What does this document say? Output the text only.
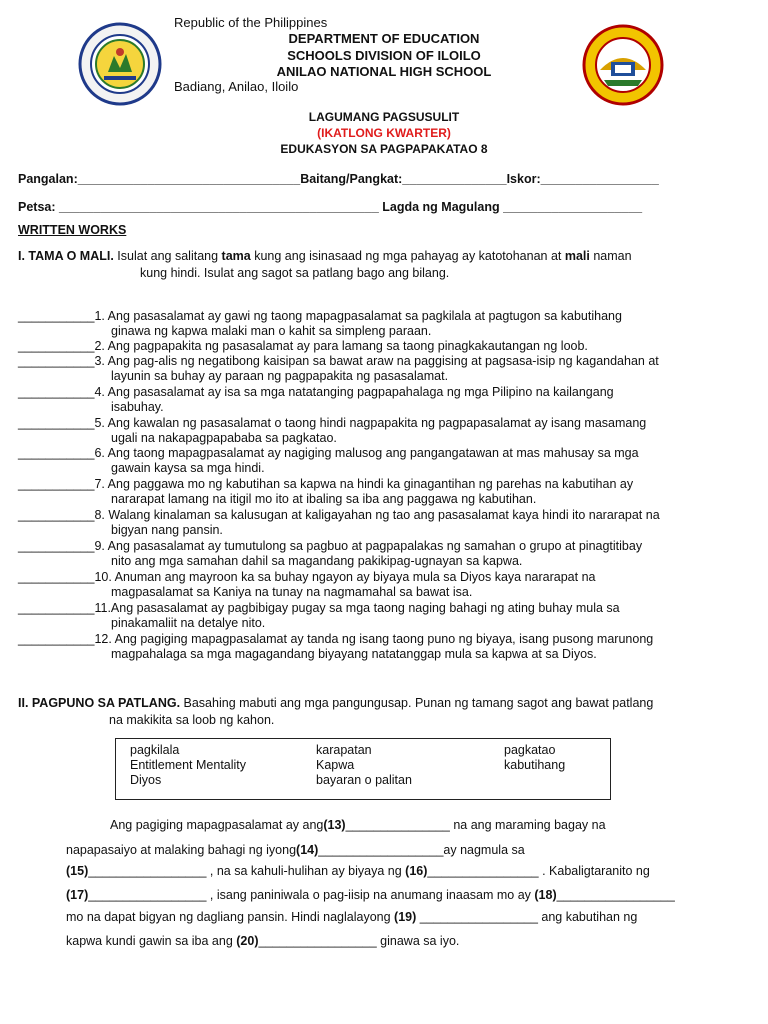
Republic of the Philippines
DEPARTMENT OF EDUCATION
SCHOOLS DIVISION OF ILOILO
ANILAO NATIONAL HIGH SCHOOL
Badiang, Anilao, Iloilo
LAGUMANG PAGSUSULIT
(IKATLONG KWARTER)
EDUKASYON SA PAGPAPAKATAO 8
Pangalan:________________________________Baitang/Pangkat:_______________Iskor:_________________
Petsa: ______________________________________________ Lagda ng Magulang ____________________
WRITTEN WORKS
I. TAMA O MALI. Isulat ang salitang tama kung ang isinasaad ng mga pahayag ay katotohanan at mali naman
kung hindi. Isulat ang sagot sa patlang bago ang bilang.
___________1. Ang pasasalamat ay gawi ng taong mapagpasalamat sa pagkilala at pagtugon sa kabutihang
ginawa ng kapwa malaki man o kahit sa simpleng paraan.
___________2. Ang pagpapakita ng pasasalamat ay para lamang sa taong pinagkakautangan ng loob.
___________3. Ang pag-alis ng negatibong kaisipan sa bawat araw na paggising at pagsasa-isip ng kagandahan at
layunin sa buhay ay paraan ng pagpapakita ng pasasalamat.
___________4. Ang pasasalamat ay isa sa mga natatanging pagpapahalaga ng mga Pilipino na kailangang
isabuhay.
___________5. Ang kawalan ng pasasalamat o taong hindi nagpapakita ng pagpapasalamat ay isang masamang
ugali na nakapagpapababa sa pagkatao.
___________6. Ang taong mapagpasalamat ay nagiging malusog ang pangangatawan at mas mahusay sa mga
gawain kaysa sa mga hindi.
___________7. Ang paggawa mo ng kabutihan sa kapwa na hindi ka ginagantihan ng parehas na kabutihan ay
nararapat lamang na itigil mo ito at ibaling sa iba ang paggawa ng kabutihan.
___________8. Walang kinalaman sa kalusugan at kaligayahan ng tao ang pasasalamat kaya hindi ito nararapat na
bigyan nang pansin.
___________9. Ang pasasalamat ay tumutulong sa pagbuo at pagpapalakas ng samahan o grupo at pinagtitibay
nito ang mga samahan dahil sa magandang pakikipag-ugnayan sa kapwa.
___________10. Anuman ang mayroon ka sa buhay ngayon ay biyaya mula sa Diyos kaya nararapat na
magpasalamat sa Kaniya na tunay na nagmamahal sa bawat isa.
___________11.Ang pasasalamat ay pagbibigay pugay sa mga taong naging bahagi ng ating buhay mula sa
pinakamaliit na detalye nito.
___________12. Ang pagiging mapagpasalamat ay tanda ng isang taong puno ng biyaya, isang pusong marunong
magpahalaga sa mga magagandang biyayang natatanggap mula sa kapwa at sa Diyos.
II. PAGPUNO SA PATLANG. Basahing mabuti ang mga pangungusap. Punan ng tamang sagot ang bawat patlang
na makikita sa loob ng kahon.
pagkilala
Entitlement Mentality
Diyos
karapatan
Kapwa
bayaran o palitan
pagkatao
kabutihang
Ang pagiging mapagpasalamat ay ang(13)_______________ na ang maraming bagay na
napapasaiyo at malaking bahagi ng iyong(14)__________________ay nagmula sa
(15)_________________ , na sa kahuli-hulihan ay biyaya ng (16)________________ . Kabaligtaranito ng
(17)_________________ , isang paniniwala o pag-iisip na anumang inaasam mo ay (18)_________________
mo na dapat bigyan ng dagliang pansin. Hindi naglalayong (19) _________________ ang kabutihan ng
kapwa kundi gawin sa iba ang (20)_________________ ginawa sa iyo.
